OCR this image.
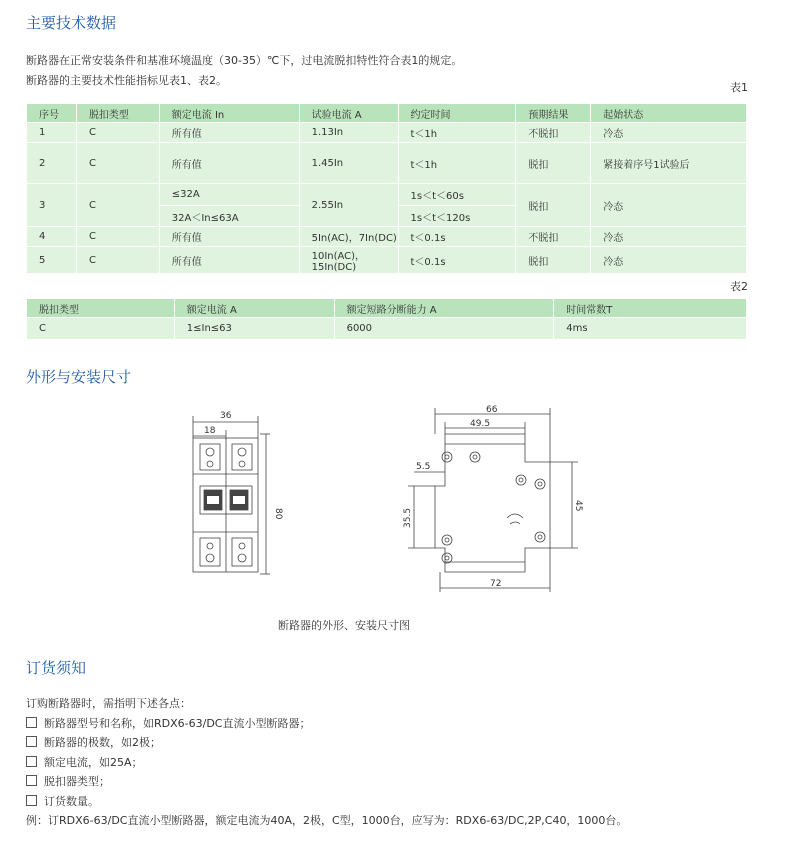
主要技术数据

断路器在正常安装条件和基准环境温度（30-35）℃下，过电流脱扣特性符合表1的规定。

断路器的主要技术性能指标见表1、表2。

表1
序号	脱扣类型	额定电流 In	试验电流 A	约定时间	预期结果	起始状态
1	C	所有值	1.13In	t＜1h	不脱扣	冷态
2	C	所有值	1.45In	t＜1h	脱扣	紧接着序号1试验后
3	C	≤32A	2.55In	1s＜t＜60s	脱扣	冷态
		32A＜In≤63A		1s＜t＜120s		
4	C	所有值	5In(AC)，7In(DC)	t＜0.1s	不脱扣	冷态
5	C	所有值	10In(AC)，15In(DC)	t＜0.1s	脱扣	冷态
表2
脱扣类型	额定电流 A	额定短路分断能力 A	时间常数T
C	1≤In≤63	6000	4ms
外形与安装尺寸
36
18
80
66
49.5
5.5
35.5
45
72
断路器的外形、安装尺寸图
订货须知
订购断路器时，需指明下述各点：
断路器型号和名称，如RDX6-63/DC直流小型断路器；
断路器的极数，如2极；
额定电流，如25A；
脱扣器类型；
订货数量。
例：订RDX6-63/DC直流小型断路器，额定电流为40A，2极，C型，1000台，应写为：RDX6-63/DC,2P,C40，1000台。
